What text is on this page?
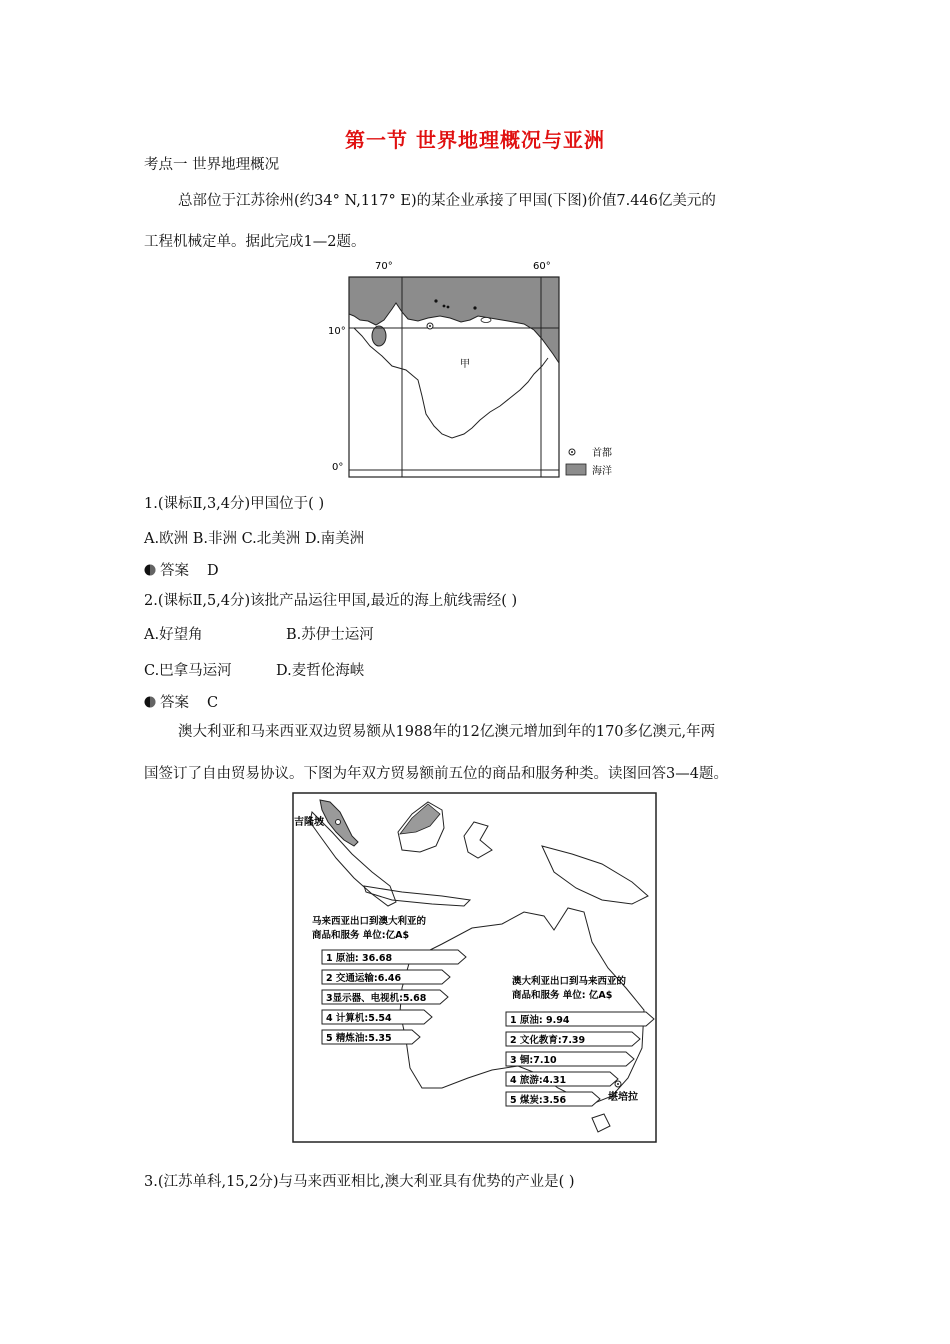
第一节 世界地理概况与亚洲
考点一 世界地理概况
总部位于江苏徐州(约34° N,117° E)的某企业承接了甲国(下图)价值7.446亿美元的
工程机械定单。据此完成1—2题。
70°	60°
10°
0°
甲
首都
海洋
1.(课标Ⅱ,3,4分)甲国位于( )
A.欧洲 B.非洲 C.北美洲 D.南美洲
答案 D
2.(课标Ⅱ,5,4分)该批产品运往甲国,最近的海上航线需经( )
A.好望角	B.苏伊士运河
C.巴拿马运河	D.麦哲伦海峡
答案 C
澳大利亚和马来西亚双边贸易额从1988年的12亿澳元增加到年的170多亿澳元,年两
国签订了自由贸易协议。下图为年双方贸易额前五位的商品和服务种类。读图回答3—4题。
吉隆坡
堪培拉
马来西亚出口到澳大利亚的
商品和服务 单位:亿A$
1 原油: 36.68
2 交通运输:6.46
3显示器、电视机:5.68
4 计算机:5.54
5 精炼油:5.35
澳大利亚出口到马来西亚的
商品和服务 单位: 亿A$
1 原油: 9.94
2 文化教育:7.39
3 铜:7.10
4 旅游:4.31
5 煤炭:3.56
3.(江苏单科,15,2分)与马来西亚相比,澳大利亚具有优势的产业是( )
